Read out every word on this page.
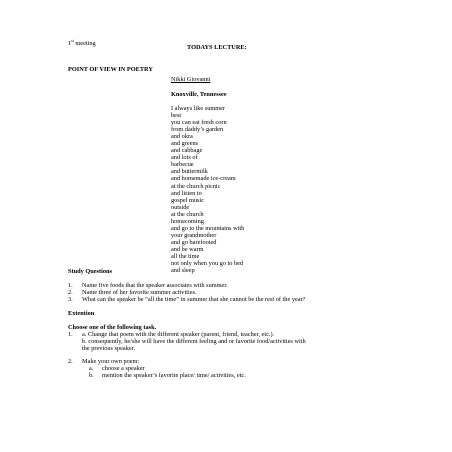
1st meeting
TODAYS LECTURE:
POINT OF VIEW IN POETRY
Nikki Giovanni
Knoxville, Tennessee
I always like summer
best
you can eat fresh corn
from daddy’s garden
and okra
and greens
and cabbage
and lots of
barbecue
and buttermilk
and homemade ice-cream
at the church picnic
and listen to
gospel music
outside
at the church
homecoming
and go to the mountains with
your grandmother
and go barefooted
and be warm
all the time
not only when you go to bed
and sleep
Study Questions
1. Name five foods that the speaker associates with summer.
2. Name three of her favorite summer activities.
3. What can the speaker be “all the time” in summer that she cannot be the rest of the year?
Extention
Choose one of the following task.
1. a. Change that poem with the different speaker (parent, friend, teacher, etc.).
b. consequently, he/she will have the different feeling and or favorite food/activities with
the previous speaker.
2. Make your own poem:
a. choose a speaker
b. mention the speaker’s favorite place/ time/ activities, etc.
